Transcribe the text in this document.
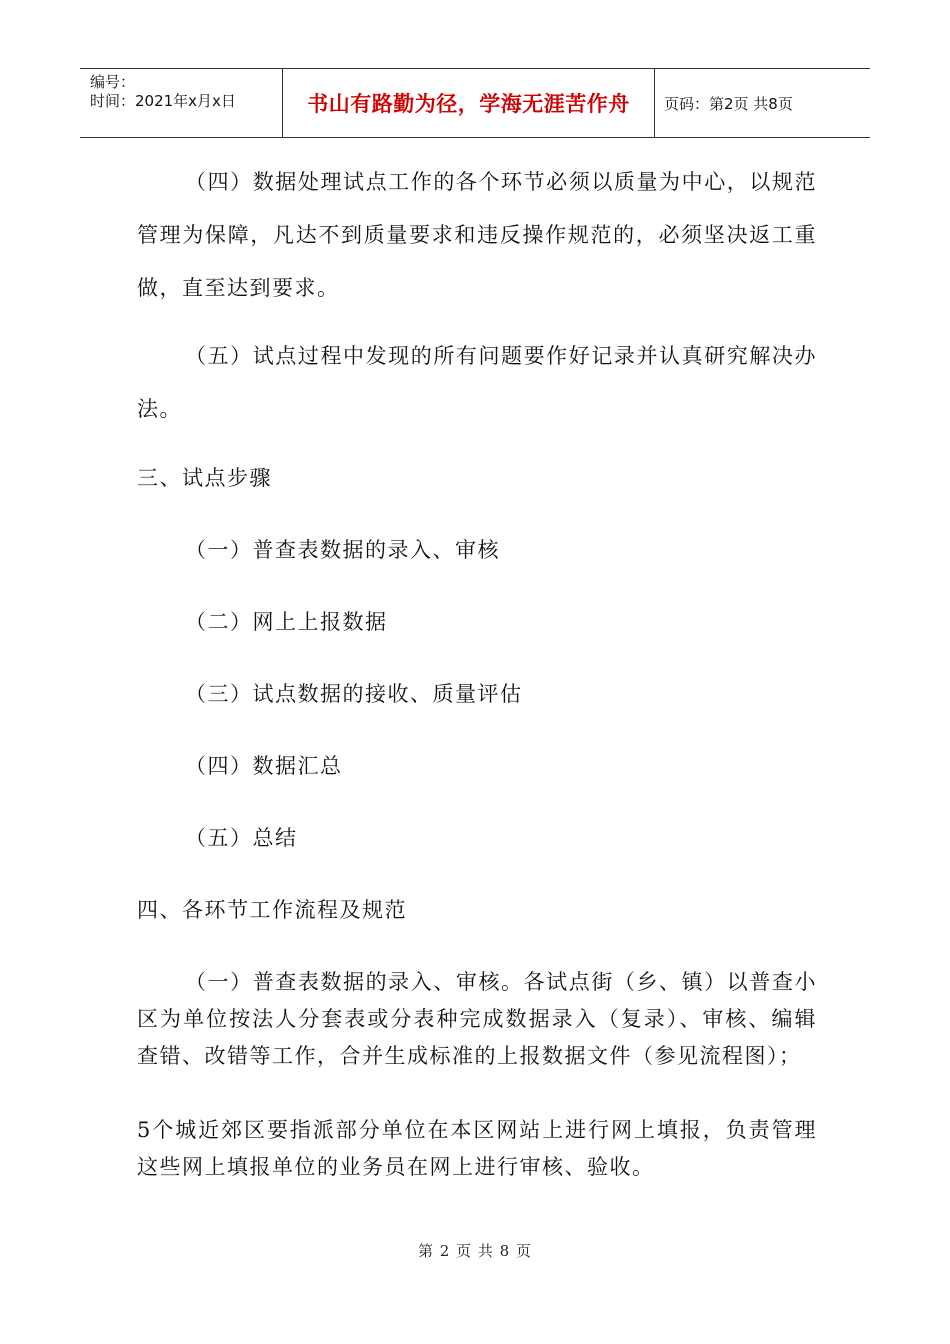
编号：
时间：2021年x月x日	书山有路勤为径，学海无涯苦作舟	页码：第2页 共8页
（四）数据处理试点工作的各个环节必须以质量为中心，以规范管理为保障，凡达不到质量要求和违反操作规范的，必须坚决返工重做，直至达到要求。
（五）试点过程中发现的所有问题要作好记录并认真研究解决办法。
三、试点步骤
（一）普查表数据的录入、审核
（二）网上上报数据
（三）试点数据的接收、质量评估
（四）数据汇总
（五）总结
四、各环节工作流程及规范
（一）普查表数据的录入、审核。各试点街（乡、镇）以普查小区为单位按法人分套表或分表种完成数据录入（复录）、审核、编辑查错、改错等工作，合并生成标准的上报数据文件（参见流程图）；
5个城近郊区要指派部分单位在本区网站上进行网上填报，负责管理这些网上填报单位的业务员在网上进行审核、验收。
第 2 页 共 8 页
